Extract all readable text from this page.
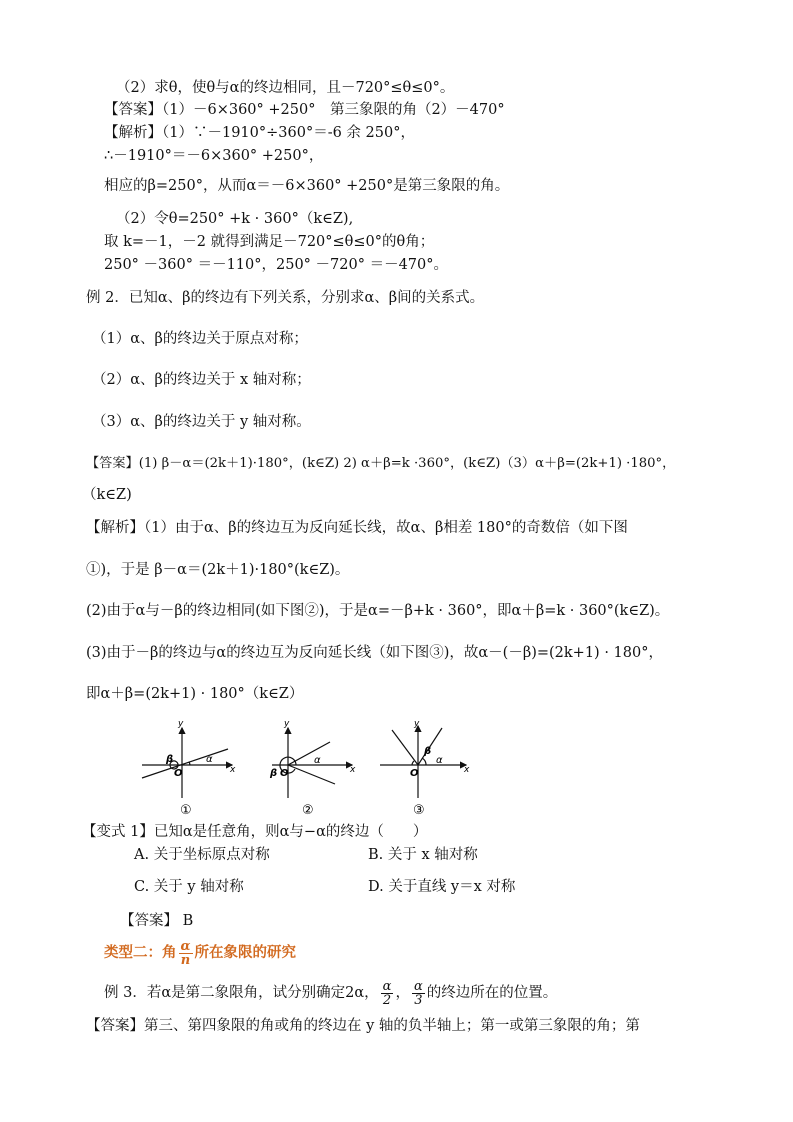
（2）求θ，使θ与α的终边相同，且－720°≤θ≤0°。
【答案】（1）－6×360° +250°　第三象限的角（2）－470°
【解析】（1）∵－1910°÷360°＝-6 余 250°，
∴－1910°＝－6×360° +250°，
相应的β=250°，从而α＝－6×360° +250°是第三象限的角。
（2）令θ=250° +k · 360°（k∈Z),
取 k=－1，－2 就得到满足－720°≤θ≤0°的θ角；
250° －360° ＝－110°，250° －720° ＝－470°。
例 2．已知α、β的终边有下列关系，分别求α、β间的关系式。
（1）α、β的终边关于原点对称；
（2）α、β的终边关于 x 轴对称；
（3）α、β的终边关于 y 轴对称。
【答案】(1) β－α＝(2k＋1)·180°，(k∈Z) 2) α＋β=k ·360°，(k∈Z)（3）α＋β=(2k+1) ·180°，
（k∈Z)
【解析】（1）由于α、β的终边互为反向延长线，故α、β相差 180°的奇数倍（如下图
①)，于是 β－α＝(2k＋1)·180°(k∈Z)。
(2)由于α与－β的终边相同(如下图②)，于是α=－β+k · 360°，即α＋β=k · 360°(k∈Z)。
(3)由于－β的终边与α的终边互为反向延长线（如下图③)，故α－(－β)=(2k+1) · 180°，
即α＋β=(2k+1) · 180°（k∈Z）
y
x
O
α
β
①
y
x
O
β
α
②
y
x
O
β
α
③
【变式 1】已知α是任意角，则α与−α的终边（　　）
A. 关于坐标原点对称	B. 关于 x 轴对称
C. 关于 y 轴对称	D. 关于直线 y＝x 对称
【答案】 B
类型二：角 $\frac{\alpha}{n}$ 所在象限的研究
例 3．若α是第二象限角，试分别确定2α， $\frac{\alpha}{2}$ ， $\frac{\alpha}{3}$ 的终边所在的位置。
【答案】第三、第四象限的角或角的终边在 y 轴的负半轴上；第一或第三象限的角；第
